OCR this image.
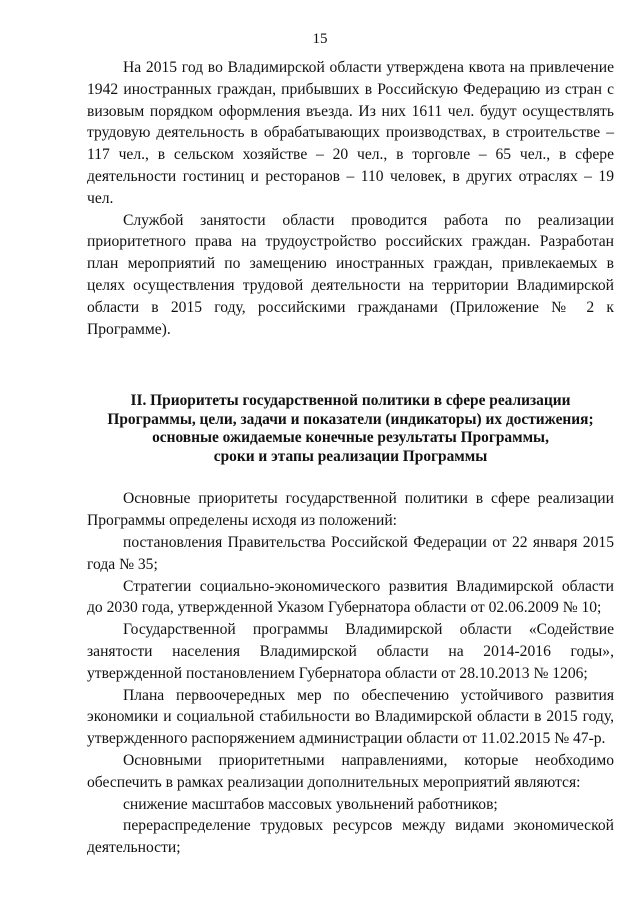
15

На 2015 год во Владимирской области утверждена квота на привлечение 1942 иностранных граждан, прибывших в Российскую Федерацию из стран с визовым порядком оформления въезда. Из них 1611 чел. будут осуществлять трудовую деятельность в обрабатывающих производствах, в строительстве – 117 чел., в сельском хозяйстве – 20 чел., в торговле – 65 чел., в сфере деятельности гостиниц и ресторанов – 110 человек, в других отраслях – 19 чел.

Службой занятости области проводится работа по реализации приоритетного права на трудоустройство российских граждан. Разработан план мероприятий по замещению иностранных граждан, привлекаемых в целях осуществления трудовой деятельности на территории Владимирской области в 2015 году, российскими гражданами (Приложение № 2 к Программе).

II. Приоритеты государственной политики в сфере реализации
Программы, цели, задачи и показатели (индикаторы) их достижения;
основные ожидаемые конечные результаты Программы,
сроки и этапы реализации Программы

Основные приоритеты государственной политики в сфере реализации Программы определены исходя из положений:

постановления Правительства Российской Федерации от 22 января 2015 года № 35;

Стратегии социально-экономического развития Владимирской области до 2030 года, утвержденной Указом Губернатора области от 02.06.2009 № 10;

Государственной программы Владимирской области «Содействие занятости населения Владимирской области на 2014-2016 годы», утвержденной постановлением Губернатора области от 28.10.2013 № 1206;

Плана первоочередных мер по обеспечению устойчивого развития экономики и социальной стабильности во Владимирской области в 2015 году, утвержденного распоряжением администрации области от 11.02.2015 № 47-р.

Основными приоритетными направлениями, которые необходимо обеспечить в рамках реализации дополнительных мероприятий являются:

снижение масштабов массовых увольнений работников;

перераспределение трудовых ресурсов между видами экономической деятельности;
